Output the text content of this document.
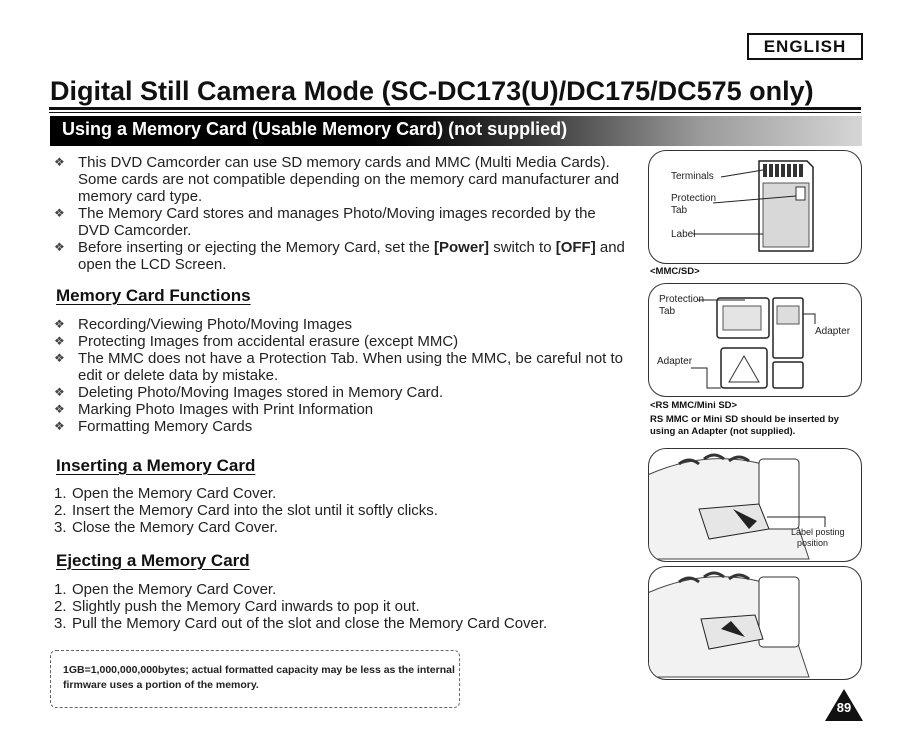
ENGLISH
Digital Still Camera Mode (SC-DC173(U)/DC175/DC575 only)
Using a Memory Card (Usable Memory Card) (not supplied)
❖ This DVD Camcorder can use SD memory cards and MMC (Multi Media Cards). Some cards are not compatible depending on the memory card manufacturer and memory card type.
❖ The Memory Card stores and manages Photo/Moving images recorded by the DVD Camcorder.
❖ Before inserting or ejecting the Memory Card, set the [Power] switch to [OFF] and open the LCD Screen.
Memory Card Functions
❖ Recording/Viewing Photo/Moving Images
❖ Protecting Images from accidental erasure (except MMC)
❖ The MMC does not have a Protection Tab. When using the MMC, be careful not to edit or delete data by mistake.
❖ Deleting Photo/Moving Images stored in Memory Card.
❖ Marking Photo Images with Print Information
❖ Formatting Memory Cards
Inserting a Memory Card
1. Open the Memory Card Cover.
2. Insert the Memory Card into the slot until it softly clicks.
3. Close the Memory Card Cover.
Ejecting a Memory Card
1. Open the Memory Card Cover.
2. Slightly push the Memory Card inwards to pop it out.
3. Pull the Memory Card out of the slot and close the Memory Card Cover.
1GB=1,000,000,000bytes; actual formatted capacity may be less as the internal firmware uses a portion of the memory.
Terminals
Protection
Tab
Label
<MMC/SD>
Protection
Tab
Adapter
Adapter
<RS MMC/Mini SD>
RS MMC or Mini SD should be inserted by using an Adapter (not supplied).
Label posting
position
89
